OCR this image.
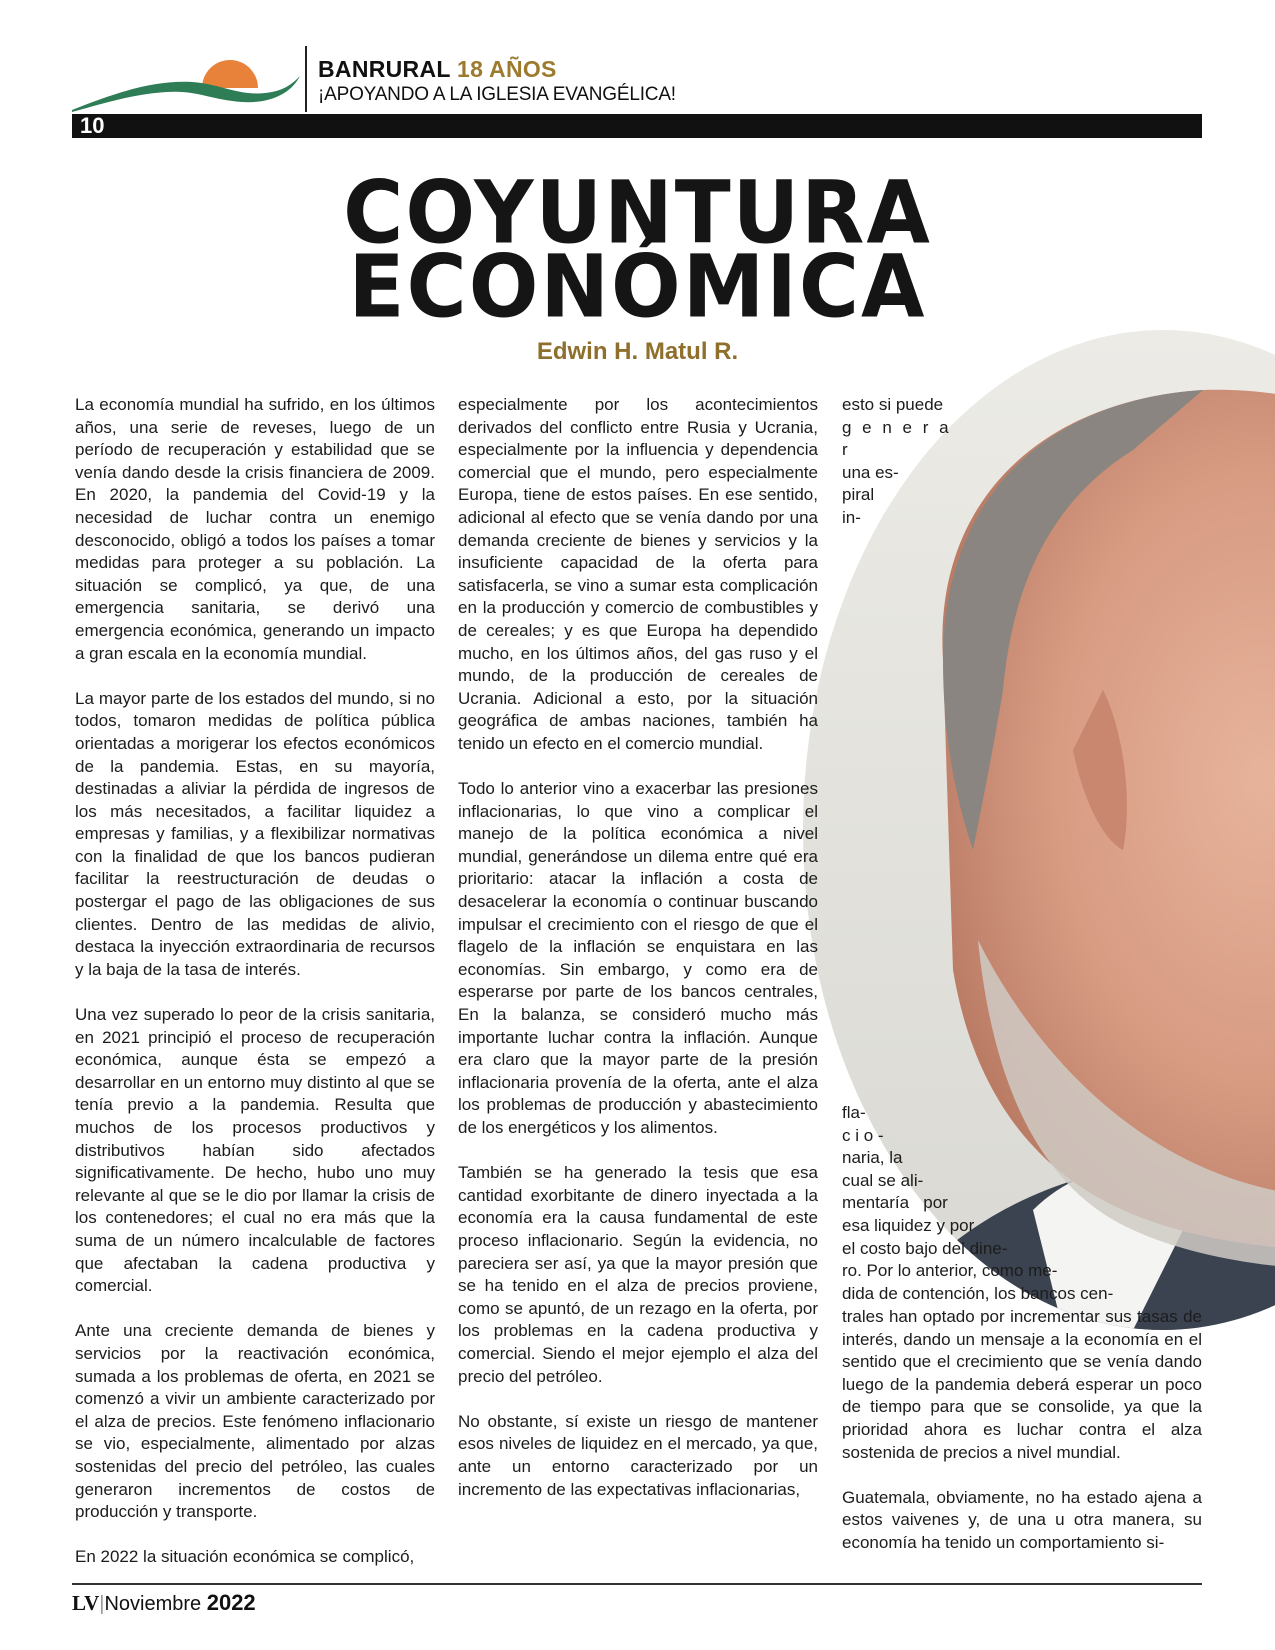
BANRURAL 18 AÑOS
¡APOYANDO A LA IGLESIA EVANGÉLICA!
10
COYUNTURA
ECONÓMICA
Edwin H. Matul R.

La economía mundial ha sufrido, en los últimos años, una serie de reveses, luego de un período de recuperación y estabilidad que se venía dando desde la crisis financiera de 2009. En 2020, la pandemia del Covid-19 y la necesidad de luchar contra un enemigo desconocido, obligó a todos los países a tomar medidas para proteger a su población. La situación se complicó, ya que, de una emergencia sanitaria, se derivó una emergencia económica, generando un impacto a gran escala en la economía mundial.

La mayor parte de los estados del mundo, si no todos, tomaron medidas de política pública orientadas a morigerar los efectos económicos de la pandemia. Estas, en su mayoría, destinadas a aliviar la pérdida de ingresos de los más necesitados, a facilitar liquidez a empresas y familias, y a flexibilizar normativas con la finalidad de que los bancos pudieran facilitar la reestructuración de deudas o postergar el pago de las obligaciones de sus clientes. Dentro de las medidas de alivio, destaca la inyección extraordinaria de recursos y la baja de la tasa de interés.

Una vez superado lo peor de la crisis sanitaria, en 2021 principió el proceso de recuperación económica, aunque ésta se empezó a desarrollar en un entorno muy distinto al que se tenía previo a la pandemia. Resulta que muchos de los procesos productivos y distributivos habían sido afectados significativamente. De hecho, hubo uno muy relevante al que se le dio por llamar la crisis de los contenedores; el cual no era más que la suma de un número incalculable de factores que afectaban la cadena productiva y comercial.

Ante una creciente demanda de bienes y servicios por la reactivación económica, sumada a los problemas de oferta, en 2021 se comenzó a vivir un ambiente caracterizado por el alza de precios. Este fenómeno inflacionario se vio, especialmente, alimentado por alzas sostenidas del precio del petróleo, las cuales generaron incrementos de costos de producción y transporte.

En 2022 la situación económica se complicó,

especialmente por los acontecimientos derivados del conflicto entre Rusia y Ucrania, especialmente por la influencia y dependencia comercial que el mundo, pero especialmente Europa, tiene de estos países. En ese sentido, adicional al efecto que se venía dando por una demanda creciente de bienes y servicios y la insuficiente capacidad de la oferta para satisfacerla, se vino a sumar esta complicación en la producción y comercio de combustibles y de cereales; y es que Europa ha dependido mucho, en los últimos años, del gas ruso y el mundo, de la producción de cereales de Ucrania. Adicional a esto, por la situación geográfica de ambas naciones, también ha tenido un efecto en el comercio mundial.

Todo lo anterior vino a exacerbar las presiones inflacionarias, lo que vino a complicar el manejo de la política económica a nivel mundial, generándose un dilema entre qué era prioritario: atacar la inflación a costa de desacelerar la economía o continuar buscando impulsar el crecimiento con el riesgo de que el flagelo de la inflación se enquistara en las economías. Sin embargo, y como era de esperarse por parte de los bancos centrales, En la balanza, se consideró mucho más importante luchar contra la inflación. Aunque era claro que la mayor parte de la presión inflacionaria provenía de la oferta, ante el alza los problemas de producción y abastecimiento de los energéticos y los alimentos.

También se ha generado la tesis que esa cantidad exorbitante de dinero inyectada a la economía era la causa fundamental de este proceso inflacionario. Según la evidencia, no pareciera ser así, ya que la mayor presión que se ha tenido en el alza de precios proviene, como se apuntó, de un rezago en la oferta, por los problemas en la cadena productiva y comercial. Siendo el mejor ejemplo el alza del precio del petróleo.

No obstante, sí existe un riesgo de mantener esos niveles de liquidez en el mercado, ya que, ante un entorno caracterizado por un incremento de las expectativas inflacionarias,

esto si puede
g e n e r a r
una es-
piral
in-
fla-
c i o -
naria, la
cual se ali-
mentaría   por
esa liquidez y por
el costo bajo del dine-
ro. Por lo anterior, como me-
dida de contención, los bancos cen-

trales han optado por incrementar sus tasas de interés, dando un mensaje a la economía en el sentido que el crecimiento que se venía dando luego de la pandemia deberá esperar un poco de tiempo para que se consolide, ya que la prioridad ahora es luchar contra el alza sostenida de precios a nivel mundial.

Guatemala, obviamente, no ha estado ajena a estos vaivenes y, de una u otra manera, su economía ha tenido un comportamiento si-

LV|Noviembre 2022
